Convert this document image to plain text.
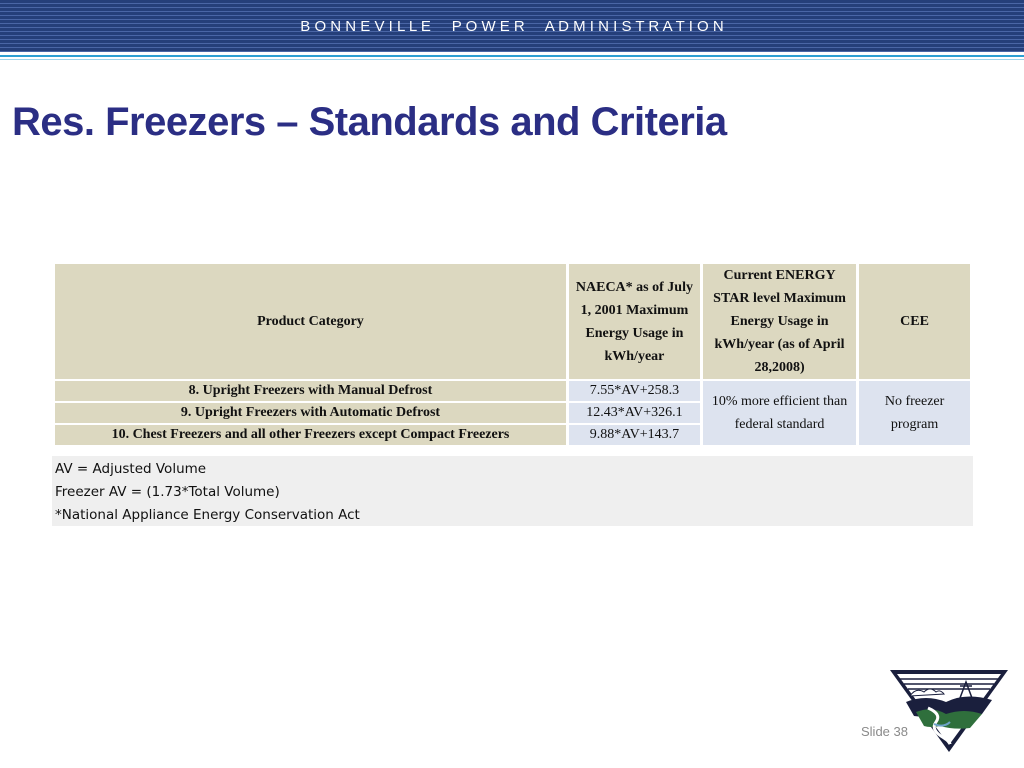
B O N N E V I L L E     P O W E R     A D M I N I S T R A T I O N
Res. Freezers – Standards and Criteria
Product Category	NAECA* as of July 1, 2001 Maximum Energy Usage in kWh/year	Current ENERGY STAR level Maximum Energy Usage in kWh/year (as of April 28,2008)	CEE
8. Upright Freezers with Manual Defrost	7.55*AV+258.3	10% more efficient than federal standard	No freezer program
9. Upright Freezers with Automatic Defrost	12.43*AV+326.1		
10. Chest Freezers and all other Freezers except Compact Freezers	9.88*AV+143.7		
AV = Adjusted Volume
Freezer AV = (1.73*Total Volume)
*National Appliance Energy Conservation Act
Slide 38
